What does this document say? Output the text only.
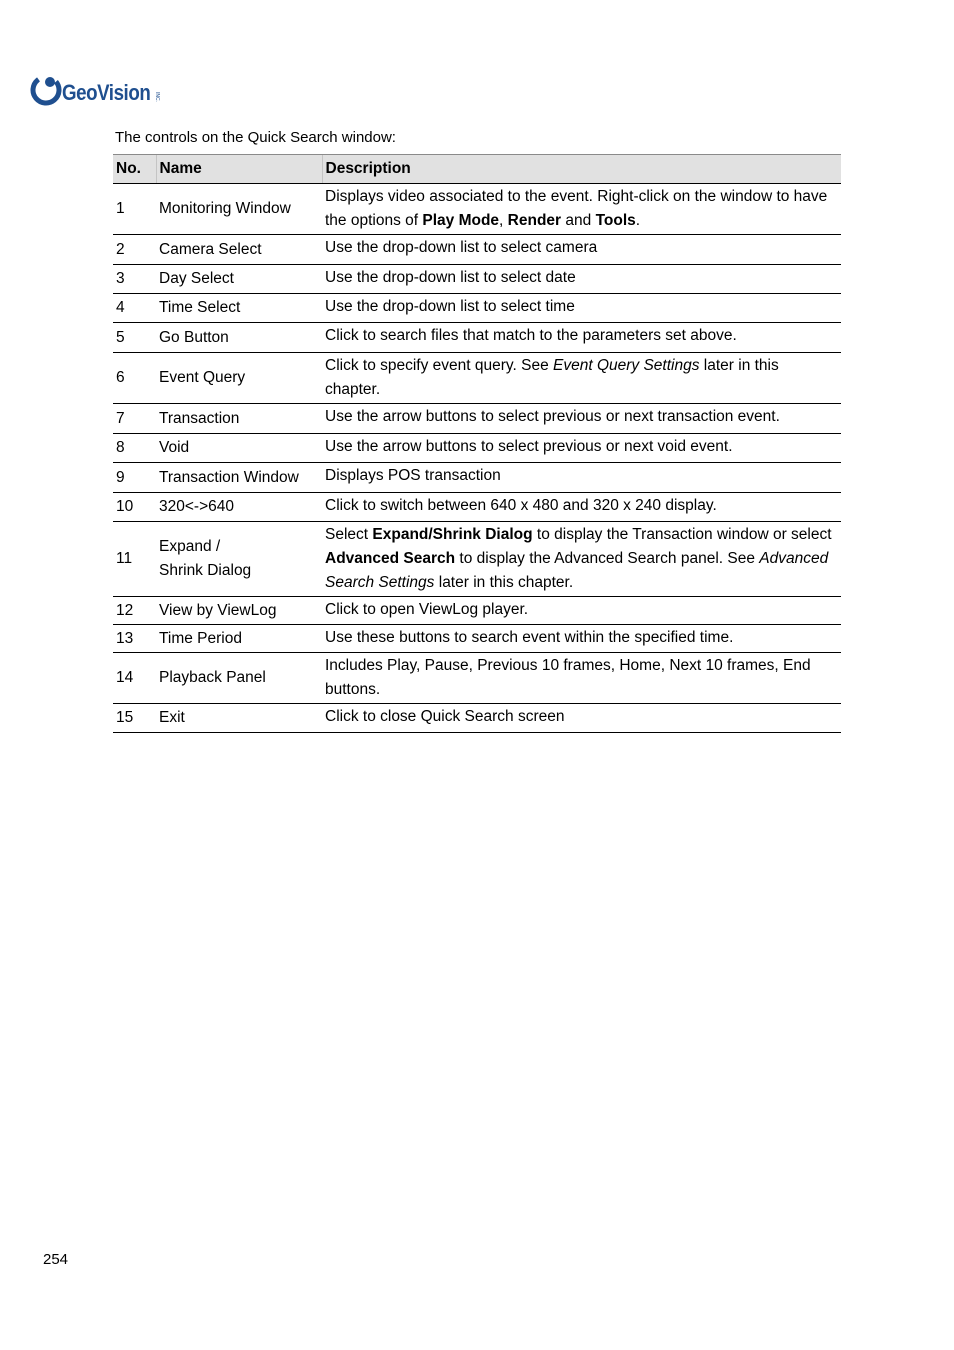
GeoVision INC.
The controls on the Quick Search window:
No.	Name	Description
1	Monitoring Window	Displays video associated to the event. Right-click on the window to have the options of Play Mode, Render and Tools.
2	Camera Select	Use the drop-down list to select camera
3	Day Select	Use the drop-down list to select date
4	Time Select	Use the drop-down list to select time
5	Go Button	Click to search files that match to the parameters set above.
6	Event Query	Click to specify event query. See Event Query Settings later in this chapter.
7	Transaction	Use the arrow buttons to select previous or next transaction event.
8	Void	Use the arrow buttons to select previous or next void event.
9	Transaction Window	Displays POS transaction
10	320<->640	Click to switch between 640 x 480 and 320 x 240 display.
11	Expand /
Shrink Dialog	Select Expand/Shrink Dialog to display the Transaction window or select Advanced Search to display the Advanced Search panel. See Advanced Search Settings later in this chapter.
12	View by ViewLog	Click to open ViewLog player.
13	Time Period	Use these buttons to search event within the specified time.
14	Playback Panel	Includes Play, Pause, Previous 10 frames, Home, Next 10 frames, End buttons.
15	Exit	Click to close Quick Search screen
254
